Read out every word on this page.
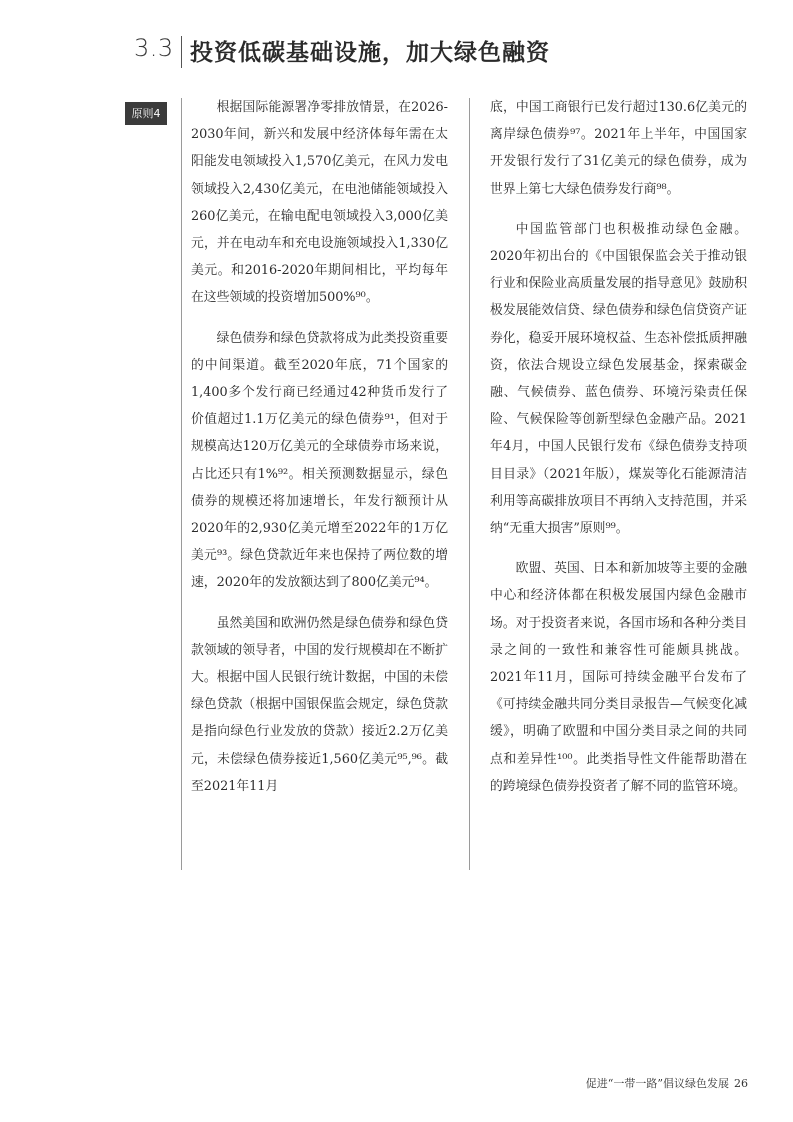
3.3 投资低碳基础设施，加大绿色融资
原则4	根据国际能源署净零排放情景，在2026-2030年间，新兴和发展中经济体每年需在太阳能发电领域投入1,570亿美元，在风力发电领域投入2,430亿美元，在电池储能领域投入260亿美元，在输电配电领域投入3,000亿美元，并在电动车和充电设施领域投入1,330亿美元。和2016-2020年期间相比，平均每年在这些领域的投资增加500%⁹⁰。

绿色债券和绿色贷款将成为此类投资重要的中间渠道。截至2020年底，71个国家的1,400多个发行商已经通过42种货币发行了价值超过1.1万亿美元的绿色债券⁹¹，但对于规模高达120万亿美元的全球债券市场来说，占比还只有1%⁹²。相关预测数据显示，绿色债券的规模还将加速增长，年发行额预计从2020年的2,930亿美元增至2022年的1万亿美元⁹³。绿色贷款近年来也保持了两位数的增速，2020年的发放额达到了800亿美元⁹⁴。

虽然美国和欧洲仍然是绿色债券和绿色贷款领域的领导者，中国的发行规模却在不断扩大。根据中国人民银行统计数据，中国的未偿绿色贷款（根据中国银保监会规定，绿色贷款是指向绿色行业发放的贷款）接近2.2万亿美元，未偿绿色债券接近1,560亿美元⁹⁵,⁹⁶。截至2021年11月

底，中国工商银行已发行超过130.6亿美元的离岸绿色债券⁹⁷。2021年上半年，中国国家开发银行发行了31亿美元的绿色债券，成为世界上第七大绿色债券发行商⁹⁸。

中国监管部门也积极推动绿色金融。2020年初出台的《中国银保监会关于推动银行业和保险业高质量发展的指导意见》鼓励积极发展能效信贷、绿色债券和绿色信贷资产证券化，稳妥开展环境权益、生态补偿抵质押融资，依法合规设立绿色发展基金，探索碳金融、气候债券、蓝色债券、环境污染责任保险、气候保险等创新型绿色金融产品。2021年4月，中国人民银行发布《绿色债券支持项目目录》（2021年版），煤炭等化石能源清洁利用等高碳排放项目不再纳入支持范围，并采纳“无重大损害”原则⁹⁹。

欧盟、英国、日本和新加坡等主要的金融中心和经济体都在积极发展国内绿色金融市场。对于投资者来说，各国市场和各种分类目录之间的一致性和兼容性可能颇具挑战。2021年11月，国际可持续金融平台发布了 《可持续金融共同分类目录报告—气候变化减缓》，明确了欧盟和中国分类目录之间的共同点和差异性¹⁰⁰。此类指导性文件能帮助潜在的跨境绿色债券投资者了解不同的监管环境。

促进“一带一路”倡议绿色发展 26
